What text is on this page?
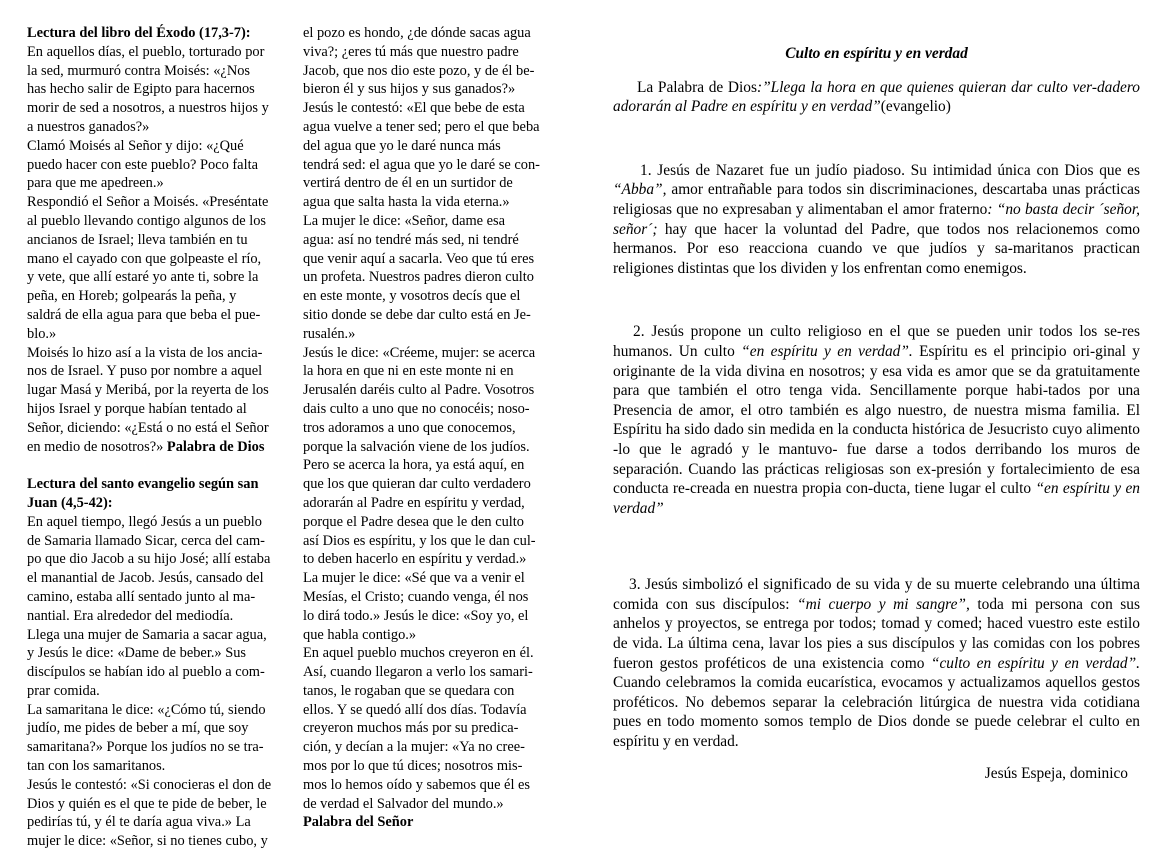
Lectura del libro del Éxodo (17,3-7):
En aquellos días, el pueblo, torturado por
la sed, murmuró contra Moisés: «¿Nos
has hecho salir de Egipto para hacernos
morir de sed a nosotros, a nuestros hijos y
a nuestros ganados?»
Clamó Moisés al Señor y dijo: «¿Qué
puedo hacer con este pueblo? Poco falta
para que me apedreen.»
Respondió el Señor a Moisés. «Preséntate
al pueblo llevando contigo algunos de los
ancianos de Israel; lleva también en tu
mano el cayado con que golpeaste el río,
y vete, que allí estaré yo ante ti, sobre la
peña, en Horeb; golpearás la peña, y
saldrá de ella agua para que beba el pue-
blo.»
Moisés lo hizo así a la vista de los ancia-
nos de Israel. Y puso por nombre a aquel
lugar Masá y Meribá, por la reyerta de los
hijos Israel y porque habían tentado al
Señor, diciendo: «¿Está o no está el Señor
en medio de nosotros?» Palabra de Dios
Lectura del santo evangelio según san
Juan (4,5-42):
En aquel tiempo, llegó Jesús a un pueblo
de Samaria llamado Sicar, cerca del cam-
po que dio Jacob a su hijo José; allí estaba
el manantial de Jacob. Jesús, cansado del
camino, estaba allí sentado junto al ma-
nantial. Era alrededor del mediodía.
Llega una mujer de Samaria a sacar agua,
y Jesús le dice: «Dame de beber.» Sus
discípulos se habían ido al pueblo a com-
prar comida.
La samaritana le dice: «¿Cómo tú, siendo
judío, me pides de beber a mí, que soy
samaritana?» Porque los judíos no se tra-
tan con los samaritanos.
Jesús le contestó: «Si conocieras el don de
Dios y quién es el que te pide de beber, le
pedirías tú, y él te daría agua viva.» La
mujer le dice: «Señor, si no tienes cubo, y
el pozo es hondo, ¿de dónde sacas agua
viva?; ¿eres tú más que nuestro padre
Jacob, que nos dio este pozo, y de él be-
bieron él y sus hijos y sus ganados?»
Jesús le contestó: «El que bebe de esta
agua vuelve a tener sed; pero el que beba
del agua que yo le daré nunca más
tendrá sed: el agua que yo le daré se con-
vertirá dentro de él en un surtidor de
agua que salta hasta la vida eterna.»
La mujer le dice: «Señor, dame esa
agua: así no tendré más sed, ni tendré
que venir aquí a sacarla. Veo que tú eres
un profeta. Nuestros padres dieron culto
en este monte, y vosotros decís que el
sitio donde se debe dar culto está en Je-
rusalén.»
Jesús le dice: «Créeme, mujer: se acerca
la hora en que ni en este monte ni en
Jerusalén daréis culto al Padre. Vosotros
dais culto a uno que no conocéis; noso-
tros adoramos a uno que conocemos,
porque la salvación viene de los judíos.
Pero se acerca la hora, ya está aquí, en
que los que quieran dar culto verdadero
adorarán al Padre en espíritu y verdad,
porque el Padre desea que le den culto
así Dios es espíritu, y los que le dan cul-
to deben hacerlo en espíritu y verdad.»
La mujer le dice: «Sé que va a venir el
Mesías, el Cristo; cuando venga, él nos
lo dirá todo.» Jesús le dice: «Soy yo, el
que habla contigo.»
En aquel pueblo muchos creyeron en él.
Así, cuando llegaron a verlo los samari-
tanos, le rogaban que se quedara con
ellos. Y se quedó allí dos días. Todavía
creyeron muchos más por su predica-
ción, y decían a la mujer: «Ya no cree-
mos por lo que tú dices; nosotros mis-
mos lo hemos oído y sabemos que él es
de verdad el Salvador del mundo.»
Palabra del Señor
Culto en espíritu y en verdad

La Palabra de Dios:”Llega la hora en que quienes quieran dar culto ver-dadero adorarán al Padre en espíritu y en verdad”(evangelio)

1. Jesús de Nazaret fue un judío piadoso. Su intimidad única con Dios que es “Abba”, amor entrañable para todos sin discriminaciones, descartaba unas prácticas religiosas que no expresaban y alimentaban el amor fraterno: “no basta decir ´señor, señor´; hay que hacer la voluntad del Padre, que todos nos relacionemos como hermanos. Por eso reacciona cuando ve que judíos y sa-maritanos practican religiones distintas que los dividen y los enfrentan como enemigos.

2. Jesús propone un culto religioso en el que se pueden unir todos los se-res humanos. Un culto “en espíritu y en verdad”. Espíritu es el principio ori-ginal y originante de la vida divina en nosotros; y esa vida es amor que se da gratuitamente para que también el otro tenga vida. Sencillamente porque habi-tados por una Presencia de amor, el otro también es algo nuestro, de nuestra misma familia. El Espíritu ha sido dado sin medida en la conducta histórica de Jesucristo cuyo alimento -lo que le agradó y le mantuvo- fue darse a todos derribando los muros de separación. Cuando las prácticas religiosas son ex-presión y fortalecimiento de esa conducta re-creada en nuestra propia con-ducta, tiene lugar el culto “en espíritu y en verdad”

3. Jesús simbolizó el significado de su vida y de su muerte celebrando una última comida con sus discípulos: “mi cuerpo y mi sangre”, toda mi persona con sus anhelos y proyectos, se entrega por todos; tomad y comed; haced vuestro este estilo de vida. La última cena, lavar los pies a sus discípulos y las comidas con los pobres fueron gestos proféticos de una existencia como “culto en espíritu y en verdad”. Cuando celebramos la comida eucarística, evocamos y actualizamos aquellos gestos proféticos. No debemos separar la celebración litúrgica de nuestra vida cotidiana pues en todo momento somos templo de Dios donde se puede celebrar el culto en espíritu y en verdad.

Jesús Espeja, dominico
